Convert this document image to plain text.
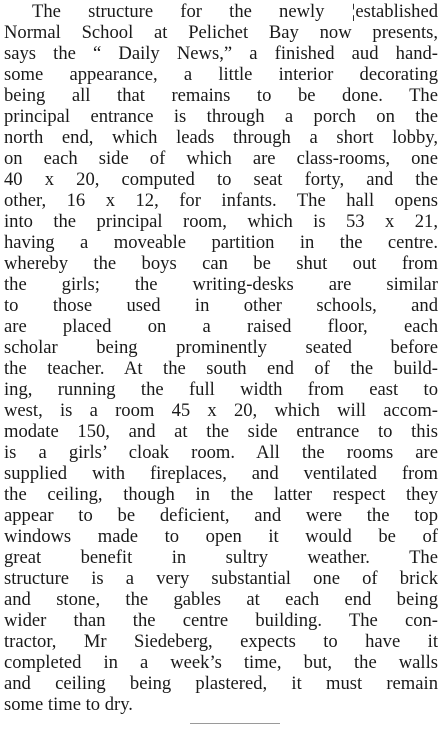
The structure for the newly ¦established
Normal School at Pelichet Bay now presents,
says the “ Daily News,” a finished aud hand-
some appearance, a little interior decorating
being all that remains to be done. The
principal entrance is through a porch on the
north end, which leads through a short lobby,
on each side of which are class-rooms, one
40 x 20, computed to seat forty, and the
other, 16 x 12, for infants. The hall opens
into the principal room, which is 53 x 21,
having a moveable partition in the centre.
whereby the boys can be shut out from
the girls; the writing-desks are similar
to those used in other schools, and
are placed on a raised floor, each
scholar being prominently seated before
the teacher. At the south end of the build-
ing, running the full width from east to
west, is a room 45 x 20, which will accom-
modate 150, and at the side entrance to this
is a girls’ cloak room. All the rooms are
supplied with fireplaces, and ventilated from
the ceiling, though in the latter respect they
appear to be deficient, and were the top
windows made to open it would be of
great benefit in sultry weather. The
structure is a very substantial one of brick
and stone, the gables at each end being
wider than the centre building. The con-
tractor, Mr Siedeberg, expects to have it
completed in a week’s time, but, the walls
and ceiling being plastered, it must remain
some time to dry.
